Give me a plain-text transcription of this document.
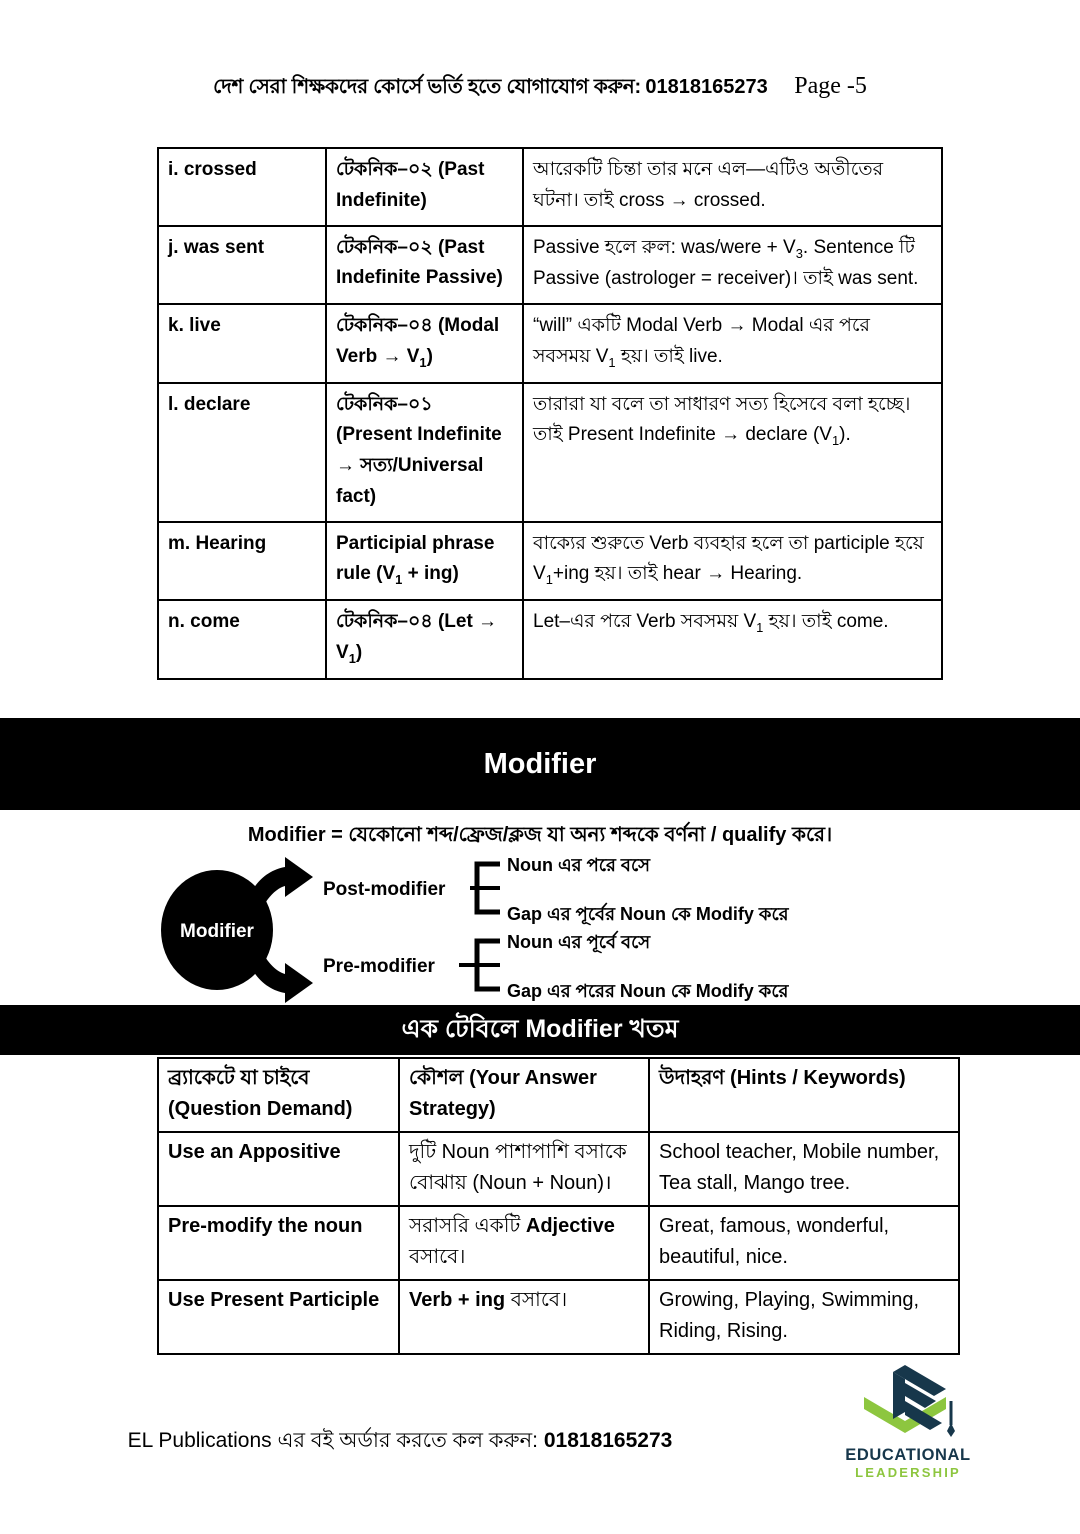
দেশ সেরা শিক্ষকদের কোর্সে ভর্তি হতে যোগাযোগ করুন: 01818165273 Page -5
i. crossed	টেকনিক–০২ (Past Indefinite)	আরেকটি চিন্তা তার মনে এল—এটিও অতীতের ঘটনা। তাই cross → crossed.
j. was sent	টেকনিক–০২ (Past Indefinite Passive)	Passive হলে রুল: was/were + $V_3$. Sentence টি Passive (astrologer = receiver)। তাই was sent.
k. live	টেকনিক–০৪ (Modal Verb → $V_1$)	“will” একটি Modal Verb → Modal এর পরে সবসময় $V_1$ হয়। তাই live.
l. declare	টেকনিক–০১ (Present Indefinite → সত্য/Universal fact)	তারারা যা বলে তা সাধারণ সত্য হিসেবে বলা হচ্ছে। তাই Present Indefinite → declare $(V_1)$.
m. Hearing	Participial phrase rule $(V_1 + ing)$	বাক্যের শুরুতে Verb ব্যবহার হলে তা participle হয়ে $V_1+ing$ হয়। তাই hear → Hearing.
n. come	টেকনিক–০৪ $(Let \to V_1)$	Let–এর পরে Verb সবসময় $V_1$ হয়। তাই come.
Modifier
Modifier = যেকোনো শব্দ/ফ্রেজ/ক্লজ যা অন্য শব্দকে বর্ণনা / qualify করে।
Modifier
Post-modifier
Noun এর পরে বসে
Gap এর পূর্বের Noun কে Modify করে
Pre-modifier
Noun এর পূর্বে বসে
Gap এর পরের Noun কে Modify করে
এক টেবিলে Modifier খতম
ব্র্যাকেটে যা চাইবে (Question Demand)	কৌশল (Your Answer Strategy)	উদাহরণ (Hints / Keywords)
Use an Appositive	দুটি Noun পাশাপাশি বসাকে বোঝায় (Noun + Noun)।	School teacher, Mobile number, Tea stall, Mango tree.
Pre-modify the noun	সরাসরি একটি Adjective বসাবে।	Great, famous, wonderful, beautiful, nice.
Use Present Participle	Verb + ing বসাবে।	Growing, Playing, Swimming, Riding, Rising.
EL Publications এর বই অর্ডার করতে কল করুন: 01818165273
EDUCATIONAL
LEADERSHIP
